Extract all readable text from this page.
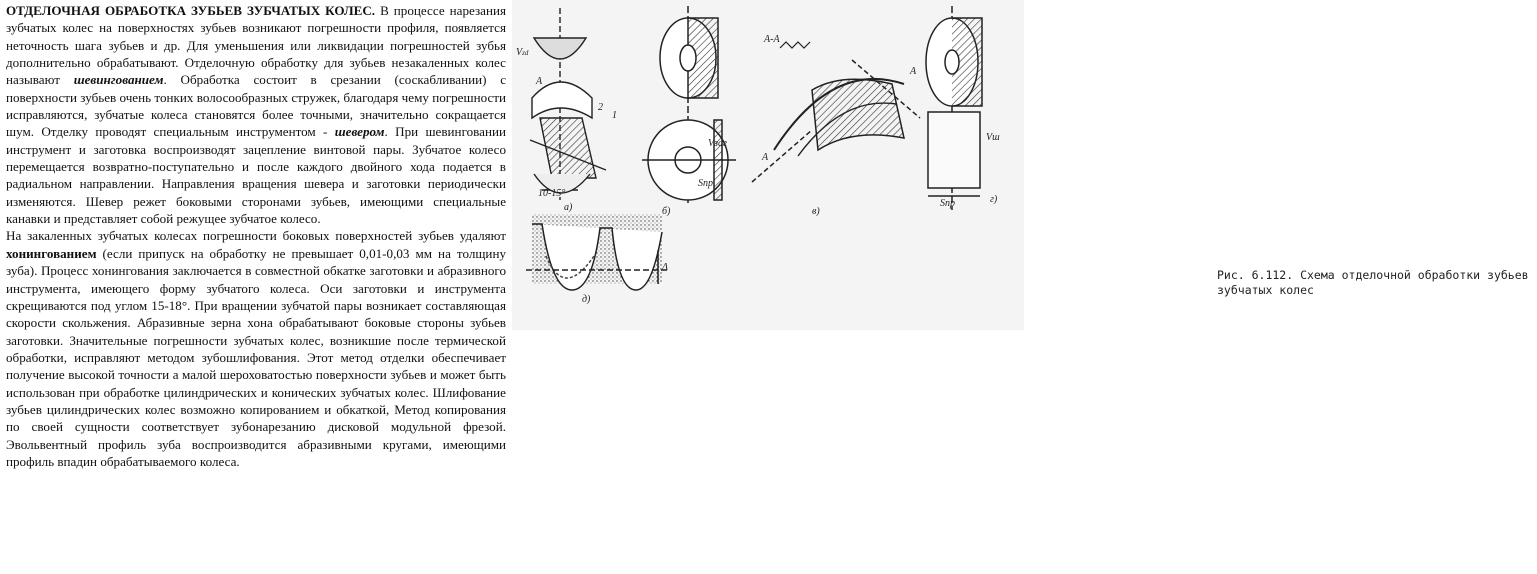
ОТДЕЛОЧНАЯ ОБРАБОТКА ЗУБЬЕВ ЗУБЧАТЫХ КОЛЕС. В процессе нарезания зубчатых колес на поверхностях зубьев возникают погрешности профиля, появляется неточность шага зубьев и др. Для уменьшения или ликвидации погрешностей зубья дополнительно обрабатывают. Отделочную обработку для зубьев незакаленных колес называют шевингованием. Обработка состоит в срезании (соскабливании) с поверхности зубьев очень тонких волосообразных стружек, благодаря чему погрешности исправляются, зубчатые колеса становятся более точными, значительно сокращается шум. Отделку проводят специальным инструментом - шевером. При шевинговании инструмент и заготовка воспроизводят зацепление винтовой пары. Зубчатое колесо перемещается возвратно-поступательно и после каждого двойного хода подается в радиальном направлении. Направления вращения шевера и заготовки периодически изменяются. Шевер режет боковыми сторонами зубьев, имеющими специальные канавки и представляет собой режущее зубчатое колесо.

На закаленных зубчатых колесах погрешности боковых поверхностей зубьев удаляют хонингованием (если припуск на обработку не превышает 0,01-0,03 мм на толщину зуба). Процесс хонингования заключается в совместной обкатке заготовки и абразивного инструмента, имеющего форму зубчатого колеса. Оси заготовки и инструмента скрещиваются под углом 15-18°. При вращении зубчатой пары возникает составляющая скорости скольжения. Абразивные зерна хона обрабатывают боковые стороны зубьев заготовки. Значительные погрешности зубчатых колес, возникшие после термической обработки, исправляют методом зубошлифования. Этот метод отделки обеспечивает получение высокой точности а малой шероховатостью поверхности зубьев и может быть использован при обработке цилиндрических и конических зубчатых колес. Шлифование зубьев цилиндрических колес возможно копированием и обкаткой, Метод копирования по своей сущности соответствует зубонарезанию дисковой модульной фрезой. Эвольвентный профиль зуба воспроизводится абразивными кругами, имеющими профиль впадин обрабатываемого колеса.

Vzd
A
2
1
10-15°
а)
Sпр
Vзаг
б)
А-А
A
А
в)
Vш
Sпр	г)
Δ
д)
Рис. 6.112. Схема отделочной обработки зубьев
зубчатых колес
